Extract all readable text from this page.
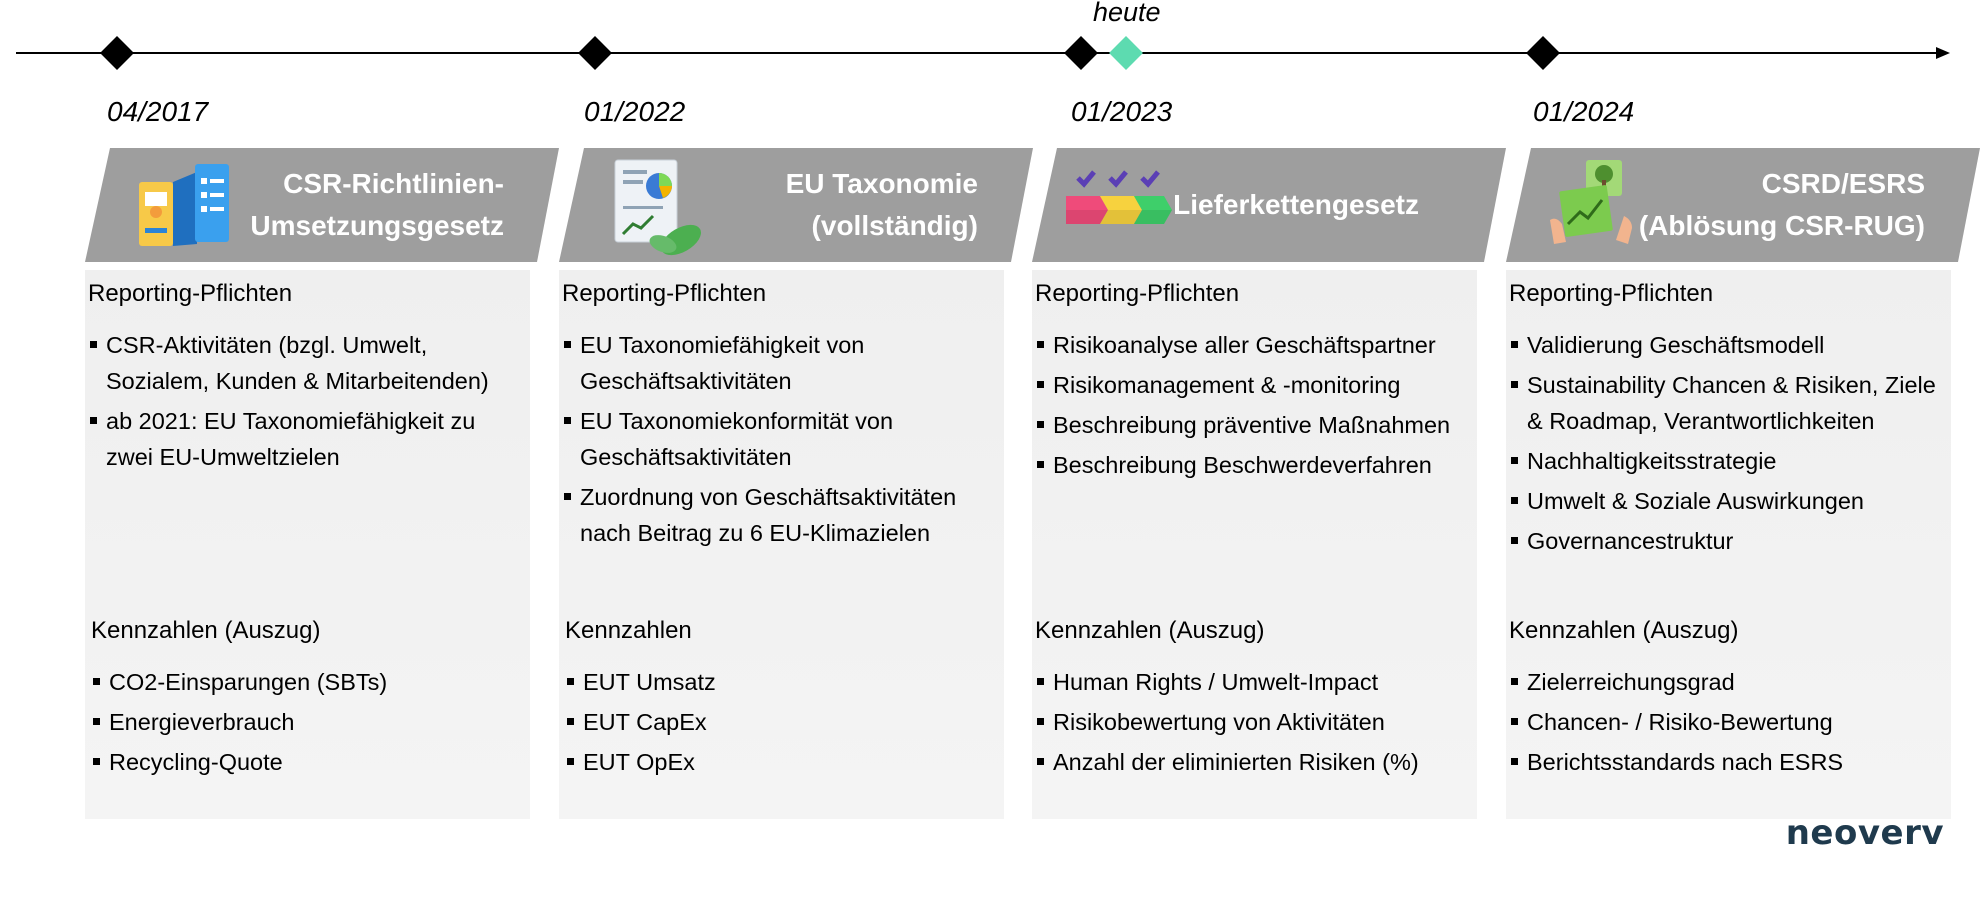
heute
04/2017	01/2022	01/2023	01/2024
CSR-Richtlinien-
Umsetzungsgesetz
Reporting-Pflichten
CSR-Aktivitäten (bzgl. Umwelt, Sozialem, Kunden & Mitarbeitenden)
ab 2021: EU Taxonomiefähigkeit zu zwei EU-Umweltzielen
Kennzahlen (Auszug)
CO2-Einsparungen (SBTs)
Energieverbrauch
Recycling-Quote
EU Taxonomie
(vollständig)
Reporting-Pflichten
EU Taxonomiefähigkeit von Geschäftsaktivitäten
EU Taxonomiekonformität von Geschäftsaktivitäten
Zuordnung von Geschäftsaktivitäten nach Beitrag zu 6 EU-Klimazielen
Kennzahlen
EUT Umsatz
EUT CapEx
EUT OpEx
Lieferkettengesetz
Reporting-Pflichten
Risikoanalyse aller Geschäftspartner
Risikomanagement & -monitoring
Beschreibung präventive Maßnahmen
Beschreibung Beschwerdeverfahren
Kennzahlen (Auszug)
Human Rights / Umwelt-Impact
Risikobewertung von Aktivitäten
Anzahl der eliminierten Risiken (%)
CSRD/ESRS
(Ablösung CSR-RUG)
Reporting-Pflichten
Validierung Geschäftsmodell
Sustainability Chancen & Risiken, Ziele & Roadmap, Verantwortlichkeiten
Nachhaltigkeitsstrategie
Umwelt & Soziale Auswirkungen
Governancestruktur
Kennzahlen (Auszug)
Zielerreichungsgrad
Chancen- / Risiko-Bewertung
Berichtsstandards nach ESRS
neoverv
